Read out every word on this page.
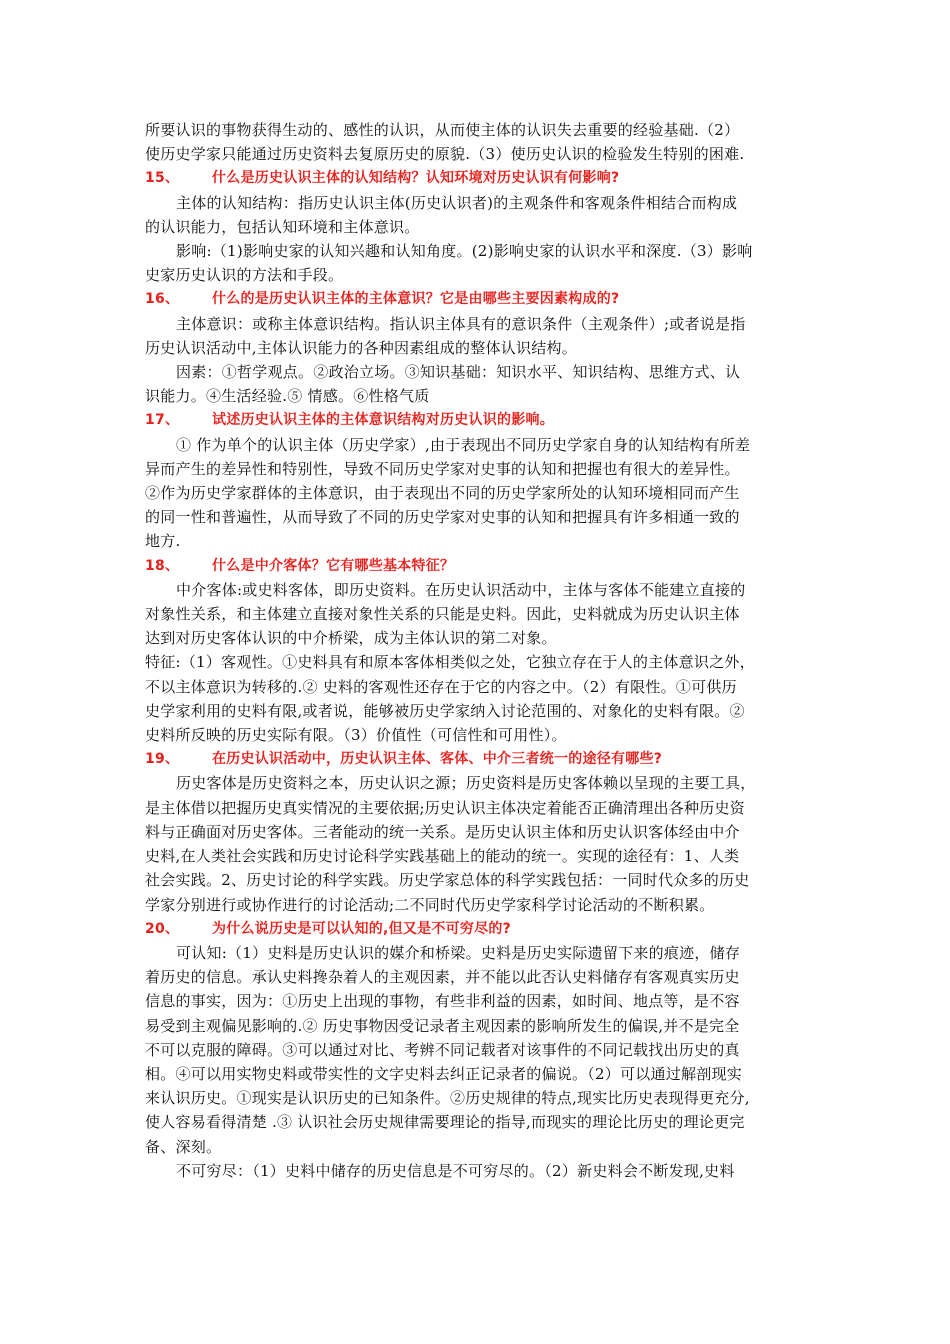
所要认识的事物获得生动的、感性的认识，从而使主体的认识失去重要的经验基础.（2）
使历史学家只能通过历史资料去复原历史的原貌.（3）使历史认识的检验发生特别的困难.
15、 什么是历史认识主体的认知结构？认知环境对历史认识有何影响?
主体的认知结构：指历史认识主体(历史认识者)的主观条件和客观条件相结合而构成
的认识能力，包括认知环境和主体意识。
影响:（1)影响史家的认知兴趣和认知角度。(2)影响史家的认识水平和深度.（3）影响
史家历史认识的方法和手段。
16、 什么的是历史认识主体的主体意识？它是由哪些主要因素构成的?
主体意识：或称主体意识结构。指认识主体具有的意识条件（主观条件）;或者说是指
历史认识活动中,主体认识能力的各种因素组成的整体认识结构。
因素：①哲学观点。②政治立场。③知识基础：知识水平、知识结构、思维方式、认
识能力。④生活经验.⑤ 情感。⑥性格气质
17、 试述历史认识主体的主体意识结构对历史认识的影响。
① 作为单个的认识主体（历史学家）,由于表现出不同历史学家自身的认知结构有所差
异而产生的差异性和特别性，导致不同历史学家对史事的认知和把握也有很大的差异性。
②作为历史学家群体的主体意识，由于表现出不同的历史学家所处的认知环境相同而产生
的同一性和普遍性，从而导致了不同的历史学家对史事的认知和把握具有许多相通一致的
地方.
18、 什么是中介客体？它有哪些基本特征？
中介客体:或史料客体，即历史资料。在历史认识活动中，主体与客体不能建立直接的
对象性关系，和主体建立直接对象性关系的只能是史料。因此，史料就成为历史认识主体
达到对历史客体认识的中介桥梁，成为主体认识的第二对象。
特征:（1）客观性。①史料具有和原本客体相类似之处，它独立存在于人的主体意识之外，
不以主体意识为转移的.② 史料的客观性还存在于它的内容之中。（2）有限性。①可供历
史学家利用的史料有限,或者说，能够被历史学家纳入讨论范围的、对象化的史料有限。②
史料所反映的历史实际有限。（3）价值性（可信性和可用性）。
19、 在历史认识活动中，历史认识主体、客体、中介三者统一的途径有哪些?
历史客体是历史资料之本，历史认识之源；历史资料是历史客体赖以呈现的主要工具，
是主体借以把握历史真实情况的主要依据;历史认识主体决定着能否正确清理出各种历史资
料与正确面对历史客体。三者能动的统一关系。是历史认识主体和历史认识客体经由中介
史料,在人类社会实践和历史讨论科学实践基础上的能动的统一。实现的途径有：1、人类
社会实践。2、历史讨论的科学实践。历史学家总体的科学实践包括：一同时代众多的历史
学家分别进行或协作进行的讨论活动;二不同时代历史学家科学讨论活动的不断积累。
20、 为什么说历史是可以认知的,但又是不可穷尽的?
可认知:（1）史料是历史认识的媒介和桥梁。史料是历史实际遗留下来的痕迹，储存
着历史的信息。承认史料搀杂着人的主观因素，并不能以此否认史料储存有客观真实历史
信息的事实，因为：①历史上出现的事物，有些非利益的因素，如时间、地点等，是不容
易受到主观偏见影响的.② 历史事物因受记录者主观因素的影响所发生的偏误,并不是完全
不可以克服的障碍。③可以通过对比、考辨不同记载者对该事件的不同记载找出历史的真
相。④可以用实物史料或带实性的文字史料去纠正记录者的偏说。（2）可以通过解剖现实
来认识历史。①现实是认识历史的已知条件。②历史规律的特点,现实比历史表现得更充分,
使人容易看得清楚 .③ 认识社会历史规律需要理论的指导,而现实的理论比历史的理论更完
备、深刻。
不可穷尽：（1）史料中储存的历史信息是不可穷尽的。（2）新史料会不断发现,史料
